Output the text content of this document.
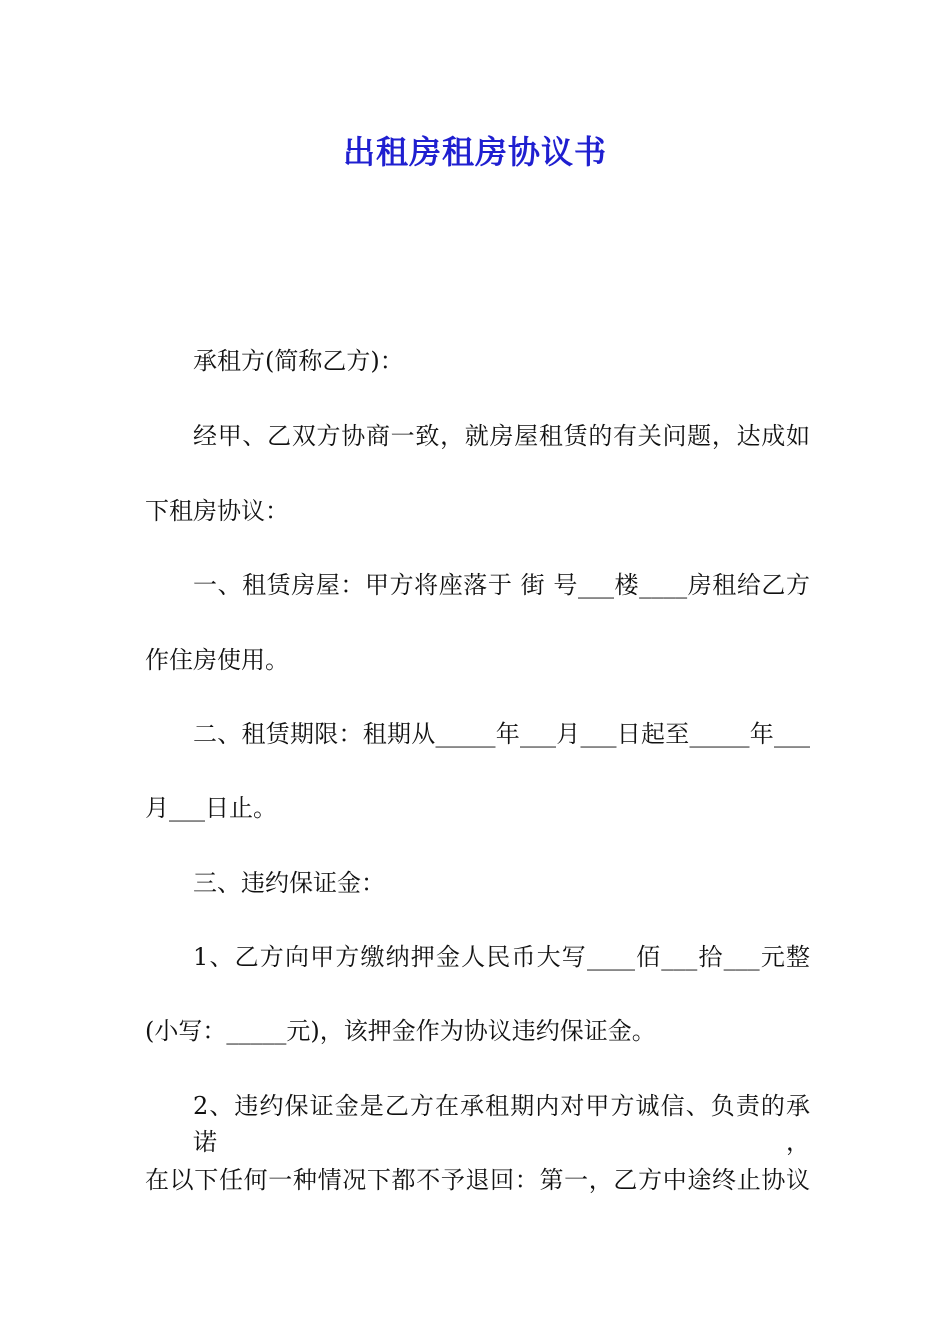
出租房租房协议书
承租方(简称乙方)：
经甲、乙双方协商一致，就房屋租赁的有关问题，达成如
下租房协议：
一、租赁房屋：甲方将座落于 街 号___楼____房租给乙方
作住房使用。
二、租赁期限：租期从_____年___月___日起至_____年___
月___日止。
三、违约保证金：
1、乙方向甲方缴纳押金人民币大写____佰___拾___元整
(小写：_____元)，该押金作为协议违约保证金。
2、违约保证金是乙方在承租期内对甲方诚信、负责的承诺，
在以下任何一种情况下都不予退回：第一，乙方中途终止协议
